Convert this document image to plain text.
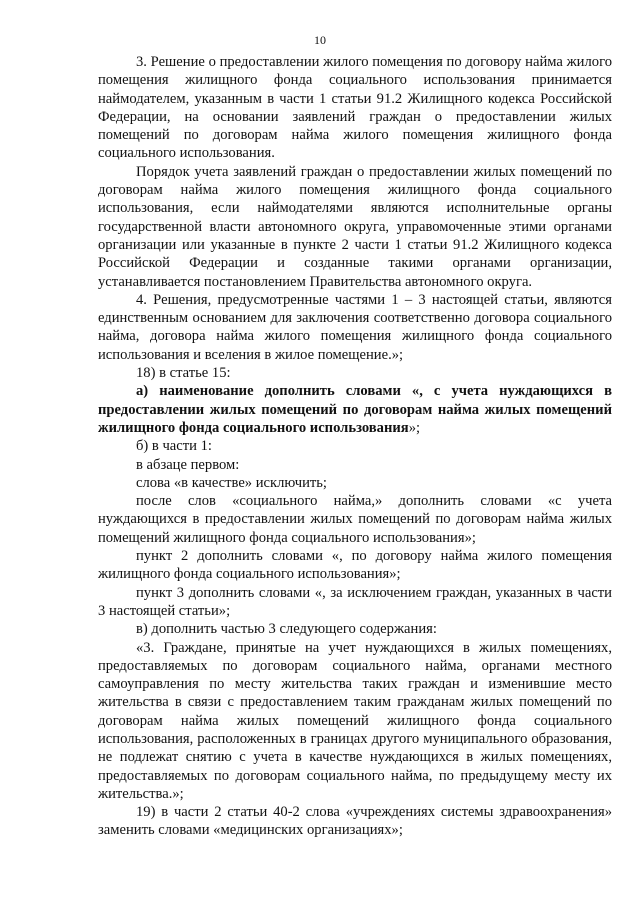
10

3. Решение о предоставлении жилого помещения по договору найма жилого помещения жилищного фонда социального использования принимается наймодателем, указанным в части 1 статьи 91.2 Жилищного кодекса Российской Федерации, на основании заявлений граждан о предоставлении жилых помещений по договорам найма жилого помещения жилищного фонда социального использования.

Порядок учета заявлений граждан о предоставлении жилых помещений по договорам найма жилого помещения жилищного фонда социального использования, если наймодателями являются исполнительные органы государственной власти автономного округа, управомоченные этими органами организации или указанные в пункте 2 части 1 статьи 91.2 Жилищного кодекса Российской Федерации и созданные такими органами организации, устанавливается постановлением Правительства автономного округа.

4. Решения, предусмотренные частями 1 – 3 настоящей статьи, являются единственным основанием для заключения соответственно договора социального найма, договора найма жилого помещения жилищного фонда социального использования и вселения в жилое помещение.»;

18) в статье 15:

а) наименование дополнить словами «, с учета нуждающихся в предоставлении жилых помещений по договорам найма жилых помещений жилищного фонда социального использования»;

б) в части 1:

в абзаце первом:

слова «в качестве» исключить;

после слов «социального найма,» дополнить словами «с учета нуждающихся в предоставлении жилых помещений по договорам найма жилых помещений жилищного фонда социального использования»;

пункт 2 дополнить словами «, по договору найма жилого помещения жилищного фонда социального использования»;

пункт 3 дополнить словами «, за исключением граждан, указанных в части 3 настоящей статьи»;

в) дополнить частью 3 следующего содержания:

«3. Граждане, принятые на учет нуждающихся в жилых помещениях, предоставляемых по договорам социального найма, органами местного самоуправления по месту жительства таких граждан и изменившие место жительства в связи с предоставлением таким гражданам жилых помещений по договорам найма жилых помещений жилищного фонда социального использования, расположенных в границах другого муниципального образования, не подлежат снятию с учета в качестве нуждающихся в жилых помещениях, предоставляемых по договорам социального найма, по предыдущему месту их жительства.»;

19) в части 2 статьи 40-2 слова «учреждениях системы здравоохранения» заменить словами «медицинских организациях»;
